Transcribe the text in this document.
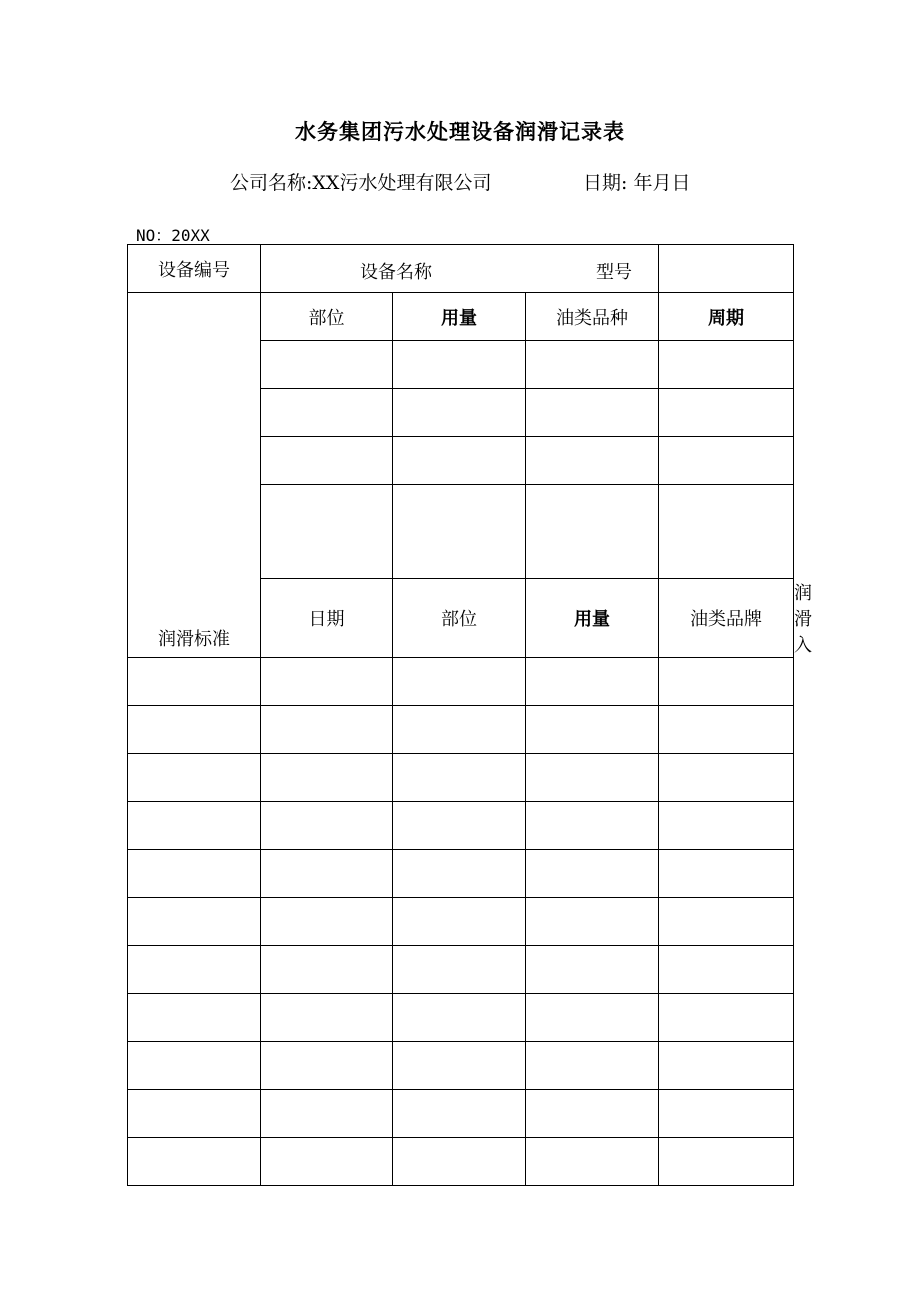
水务集团污水处理设备润滑记录表
公司名称:XX污水处理有限公司	日期: 年月日
NO：20XX
设备编号	设备名称 型号				

润滑标准	部位	用量	油类品种	周期	

	日期	部位	用量	油类品牌	润滑入
